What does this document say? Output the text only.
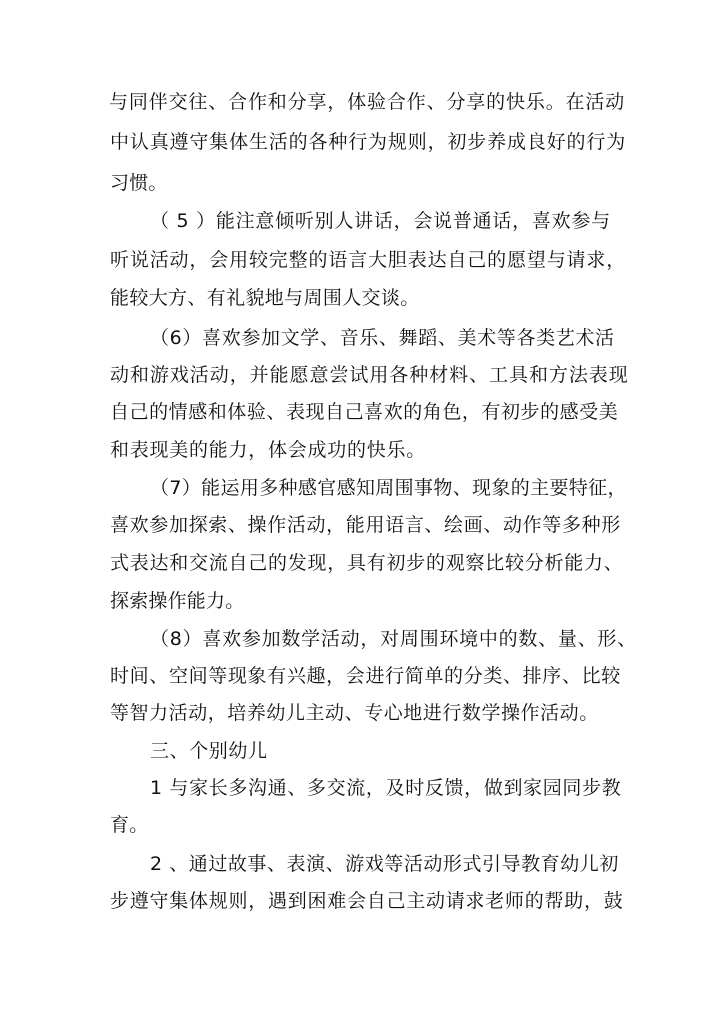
与同伴交往、合作和分享，体验合作、分享的快乐。在活动
中认真遵守集体生活的各种行为规则，初步养成良好的行为
习惯。
（ 5 ）能注意倾听别人讲话，会说普通话，喜欢参与
听说活动，会用较完整的语言大胆表达自己的愿望与请求，
能较大方、有礼貌地与周围人交谈。
（6）喜欢参加文学、音乐、舞蹈、美术等各类艺术活
动和游戏活动，并能愿意尝试用各种材料、工具和方法表现
自己的情感和体验、表现自己喜欢的角色，有初步的感受美
和表现美的能力，体会成功的快乐。
（7）能运用多种感官感知周围事物、现象的主要特征，
喜欢参加探索、操作活动，能用语言、绘画、动作等多种形
式表达和交流自己的发现，具有初步的观察比较分析能力、
探索操作能力。
（8）喜欢参加数学活动，对周围环境中的数、量、形、
时间、空间等现象有兴趣，会进行简单的分类、排序、比较
等智力活动，培养幼儿主动、专心地进行数学操作活动。
三、个别幼儿
1 与家长多沟通、多交流，及时反馈，做到家园同步教
育。
2 、通过故事、表演、游戏等活动形式引导教育幼儿初
步遵守集体规则，遇到困难会自己主动请求老师的帮助，鼓
